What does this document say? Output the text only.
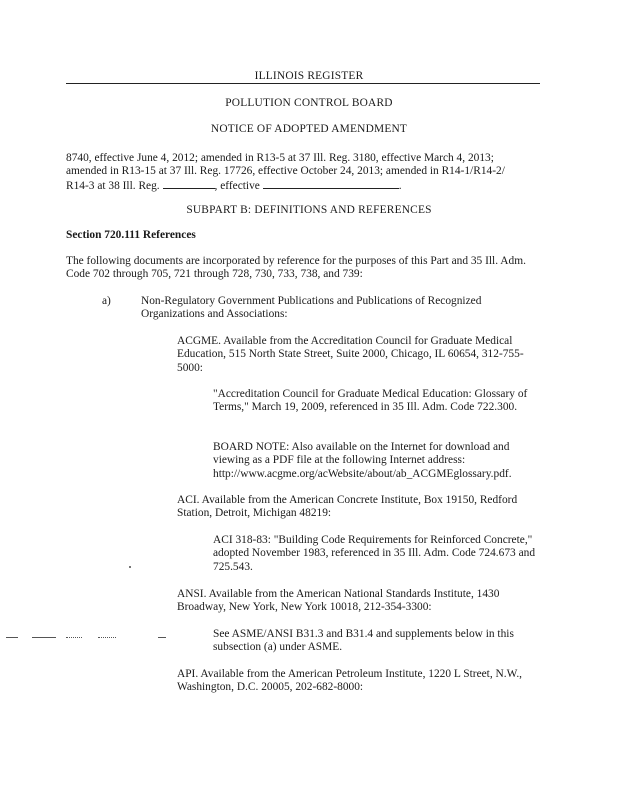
ILLINOIS REGISTER
POLLUTION CONTROL BOARD
NOTICE OF ADOPTED AMENDMENT
8740, effective June 4, 2012; amended in R13-5 at 37 Ill. Reg. 3180, effective March 4, 2013;
amended in R13-15 at 37 Ill. Reg. 17726, effective October 24, 2013; amended in R14-1/R14-2/
R14-3 at 38 Ill. Reg.	, effective	.
SUBPART B: DEFINITIONS AND REFERENCES
Section 720.111 References
The following documents are incorporated by reference for the purposes of this Part and 35 Ill. Adm. Code 702 through 705, 721 through 728, 730, 733, 738, and 739:
a)	Non-Regulatory Government Publications and Publications of Recognized Organizations and Associations:
ACGME. Available from the Accreditation Council for Graduate Medical Education, 515 North State Street, Suite 2000, Chicago, IL 60654, 312-755-5000:
"Accreditation Council for Graduate Medical Education: Glossary of Terms," March 19, 2009, referenced in 35 Ill. Adm. Code 722.300.
BOARD NOTE: Also available on the Internet for download and viewing as a PDF file at the following Internet address: http://www.acgme.org/acWebsite/about/ab_ACGMEglossary.pdf.
ACI. Available from the American Concrete Institute, Box 19150, Redford Station, Detroit, Michigan 48219:
ACI 318-83: "Building Code Requirements for Reinforced Concrete," adopted November 1983, referenced in 35 Ill. Adm. Code 724.673 and 725.543.
ANSI. Available from the American National Standards Institute, 1430 Broadway, New York, New York 10018, 212-354-3300:
See ASME/ANSI B31.3 and B31.4 and supplements below in this subsection (a) under ASME.
API. Available from the American Petroleum Institute, 1220 L Street, N.W., Washington, D.C. 20005, 202-682-8000:
